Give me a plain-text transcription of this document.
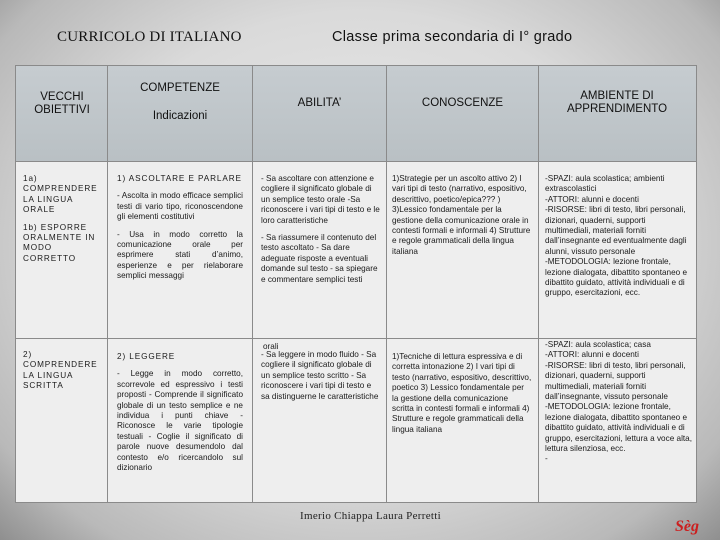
CURRICOLO DI ITALIANO	Classe prima secondaria di I° grado
VECCHI OBIETTIVI
COMPETENZE
Indicazioni
ABILITA’	CONOSCENZE
AMBIENTE DI APPRENDIMENTO

1a) COMPRENDERE LA LINGUA ORALE

1b) ESPORRE ORALMENTE IN MODO CORRETTO

1) ASCOLTARE E PARLARE

- Ascolta in modo efficace semplici testi di vario tipo, riconoscendone gli elementi costitutivi

- Usa in modo corretto la comunicazione orale per esprimere stati d’animo, esperienze e per rielaborare semplici messaggi

- Sa ascoltare con attenzione e cogliere il significato globale di un semplice testo orale -Sa riconoscere i vari tipi di testo e le loro caratteristiche

- Sa riassumere il contenuto del testo ascoltato - Sa dare adeguate risposte a eventuali domande sul testo - sa spiegare e commentare semplici testi

1)Strategie per un ascolto attivo 2) I vari tipi di testo (narrativo, espositivo, descrittivo, poetico/epica??? ) 3)Lessico fondamentale per la gestione della comunicazione orale in contesti formali e informali 4) Strutture e regole grammaticali della lingua italiana
-SPAZI: aula scolastica; ambienti extrascolastici
-ATTORI: alunni e docenti
-RISORSE: libri di testo, libri personali, dizionari, quaderni, supporti multimediali, materiali forniti dall’insegnante ed eventualmente dagli alunni, vissuto personale
-METODOLOGIA: lezione frontale, lezione dialogata, dibattito spontaneo e dibattito guidato, attività individuali e di gruppo, esercitazioni, ecc.
2) COMPRENDERE LA LINGUA SCRITTA

2) LEGGERE

- Legge in modo corretto, scorrevole ed espressivo i testi proposti - Comprende il significato globale di un testo semplice e ne individua i punti chiave - Riconosce le varie tipologie testuali - Coglie il significato di parole nuove desumendolo dal contesto e/o ricercandolo sul dizionario

orali
- Sa leggere in modo fluido - Sa cogliere il significato globale di un semplice testo scritto - Sa riconoscere i vari tipi di testo e sa distinguerne le caratteristiche
1)Tecniche di lettura espressiva e di corretta intonazione 2) I vari tipi di testo (narrativo, espositivo, descrittivo, poetico 3) Lessico fondamentale per la gestione della comunicazione scritta in contesti formali e informali 4) Strutture e regole grammaticali della lingua italiana
-SPAZI: aula scolastica; casa
-ATTORI: alunni e docenti
-RISORSE: libri di testo, libri personali, dizionari, quaderni, supporti multimediali, materiali forniti dall’insegnante, vissuto personale
-METODOLOGIA: lezione frontale, lezione dialogata, dibattito spontaneo e dibattito guidato, attività individuali e di gruppo, esercitazioni, lettura a voce alta, lettura silenziosa, ecc.
-
Imerio Chiappa Laura Perretti
Sèg
